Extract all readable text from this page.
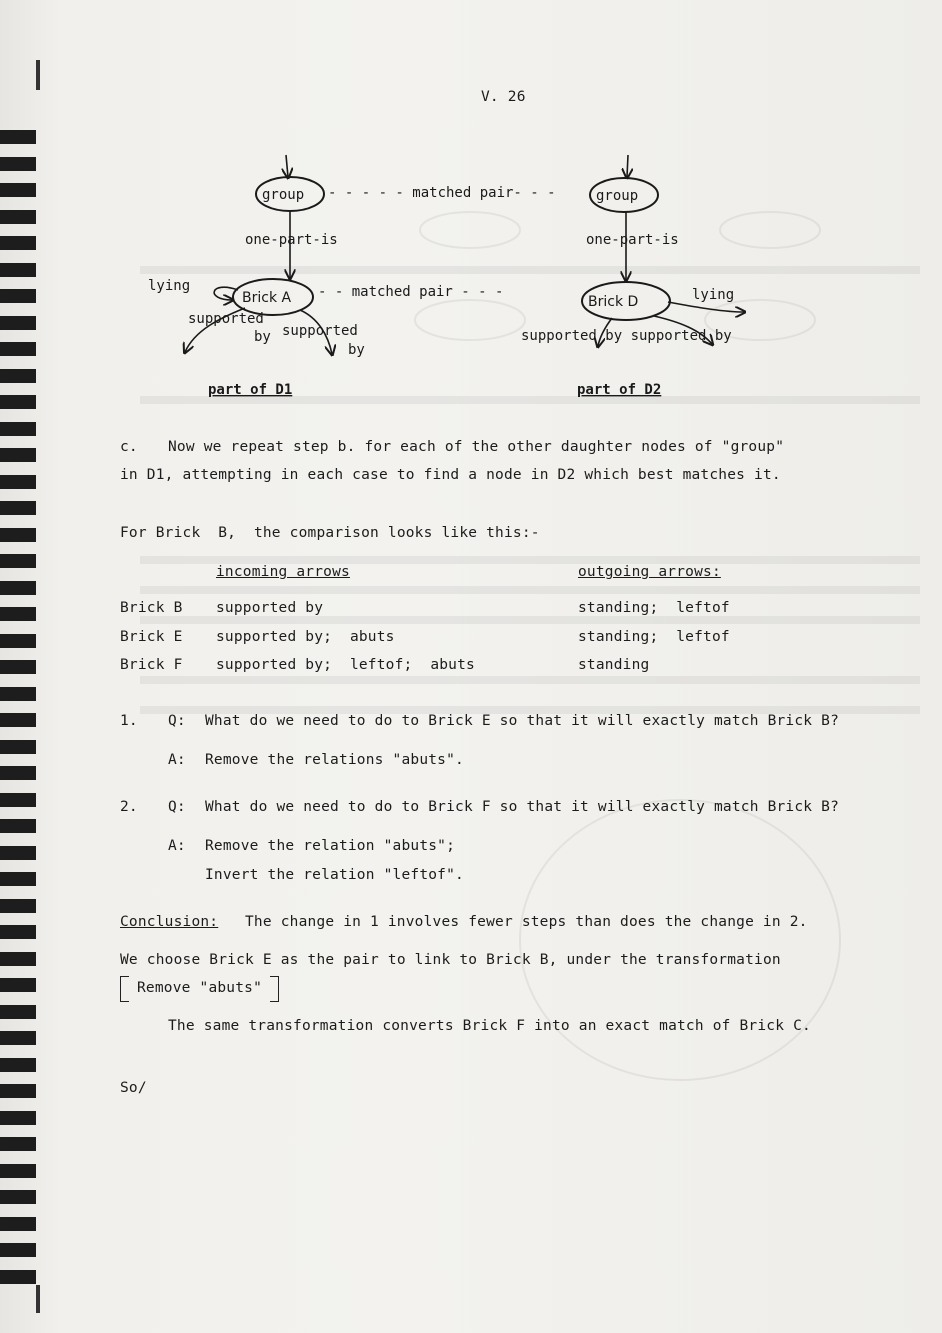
V. 26
group
one-part-is
Brick A
lying
supported
by supported
by
part of D1
- - - - - matched pair- - -
- - matched pair - - -
group
one-part-is
Brick D	lying
supported by supported by
part of D2
c. Now we repeat step b. for each of the other daughter nodes of "group"
in D1, attempting in each case to find a node in D2 which best matches it.
For Brick  B,  the comparison looks like this:-
incoming arrows	outgoing arrows:
Brick B supported by	standing;  leftof
Brick E supported by;  abuts	standing;  leftof
Brick F supported by;  leftof;  abuts	standing
1. Q: What do we need to do to Brick E so that it will exactly match Brick B?
A: Remove the relations "abuts".
2. Q: What do we need to do to Brick F so that it will exactly match Brick B?
A: Remove the relation "abuts";
Invert the relation "leftof".
Conclusion: The change in 1 involves fewer steps than does the change in 2.
We choose Brick E as the pair to link to Brick B, under the transformation
Remove "abuts"
The same transformation converts Brick F into an exact match of Brick C.
So/
